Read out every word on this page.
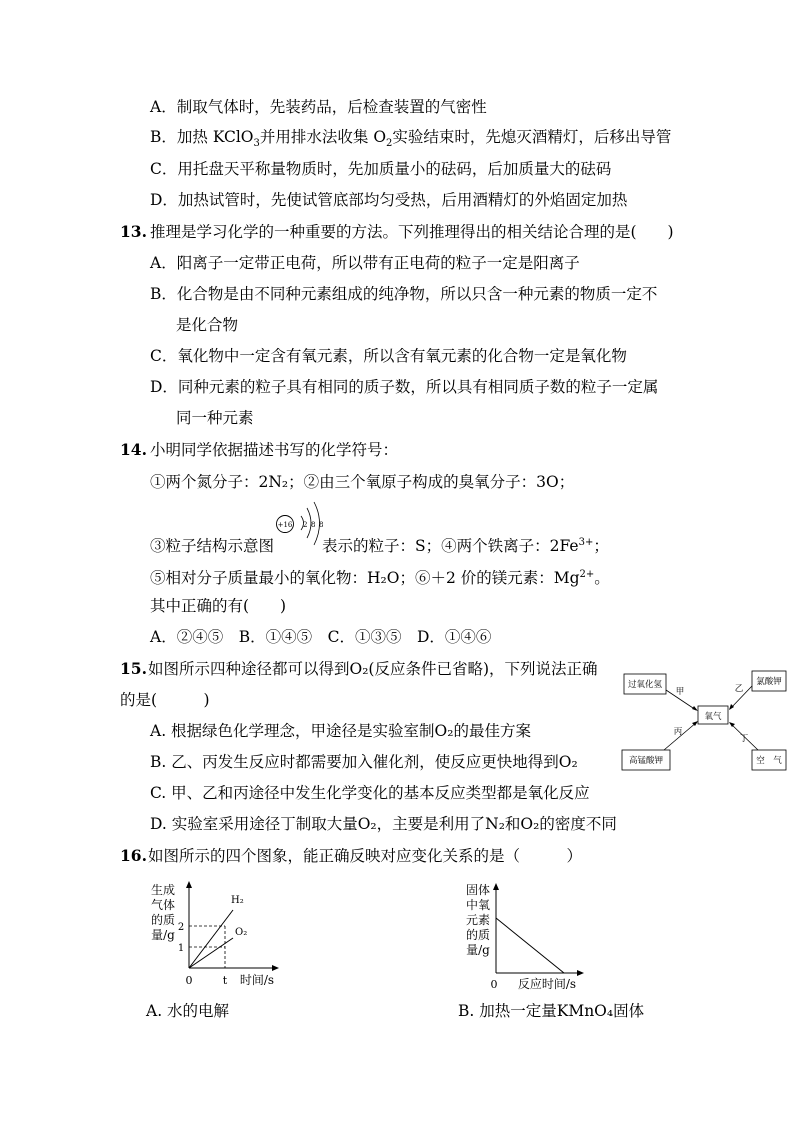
A．制取气体时，先装药品，后检查装置的气密性
B．加热 KClO$_3$并用排水法收集 $O_2$实验结束时，先熄灭酒精灯，后移出导管
C．用托盘天平称量物质时，先加质量小的砝码，后加质量大的砝码
D．加热试管时，先使试管底部均匀受热，后用酒精灯的外焰固定加热
13. 推理是学习化学的一种重要的方法。下列推理得出的相关结论合理的是(　　)
A．阳离子一定带正电荷，所以带有正电荷的粒子一定是阳离子
B．化合物是由不同种元素组成的纯净物，所以只含一种元素的物质一定不
是化合物
C．氧化物中一定含有氧元素，所以含有氧元素的化合物一定是氧化物
D．同种元素的粒子具有相同的质子数，所以具有相同质子数的粒子一定属
同一种元素
14. 小明同学依据描述书写的化学符号：
①两个氮分子：2N₂；②由三个氧原子构成的臭氧分子：3O；
③粒子结构示意图	表示的粒子：S；④两个铁离子：$2Fe^{3+}$；
+16 2 8 8
⑤相对分子质量最小的氧化物：H₂O；⑥＋2 价的镁元素：$Mg^{2+}$。
其中正确的有(　　)
A．②④⑤　B．①④⑤　C．①③⑤　D．①④⑥
15. 如图所示四种途径都可以得到O₂(反应条件已省略)，下列说法正确
的是(　　　)
A. 根据绿色化学理念，甲途径是实验室制O₂的最佳方案
B. 乙、丙发生反应时都需要加入催化剂，使反应更快地得到O₂
C. 甲、乙和丙途径中发生化学变化的基本反应类型都是氧化反应
D. 实验室采用途径丁制取大量O₂，主要是利用了N₂和O₂的密度不同
过氧化氢	氯酸钾
氧气
高锰酸钾	空　气
甲	乙
丙
丁
16. 如图所示的四个图象，能正确反映对应变化关系的是（　　　）
生成
气体
的质
量/g
H₂
O₂
2
1
0	t 时间/s
A. 水的电解
固体
中氧
元素
的质
量/g
0 反应时间/s
B. 加热一定量KMnO₄固体
